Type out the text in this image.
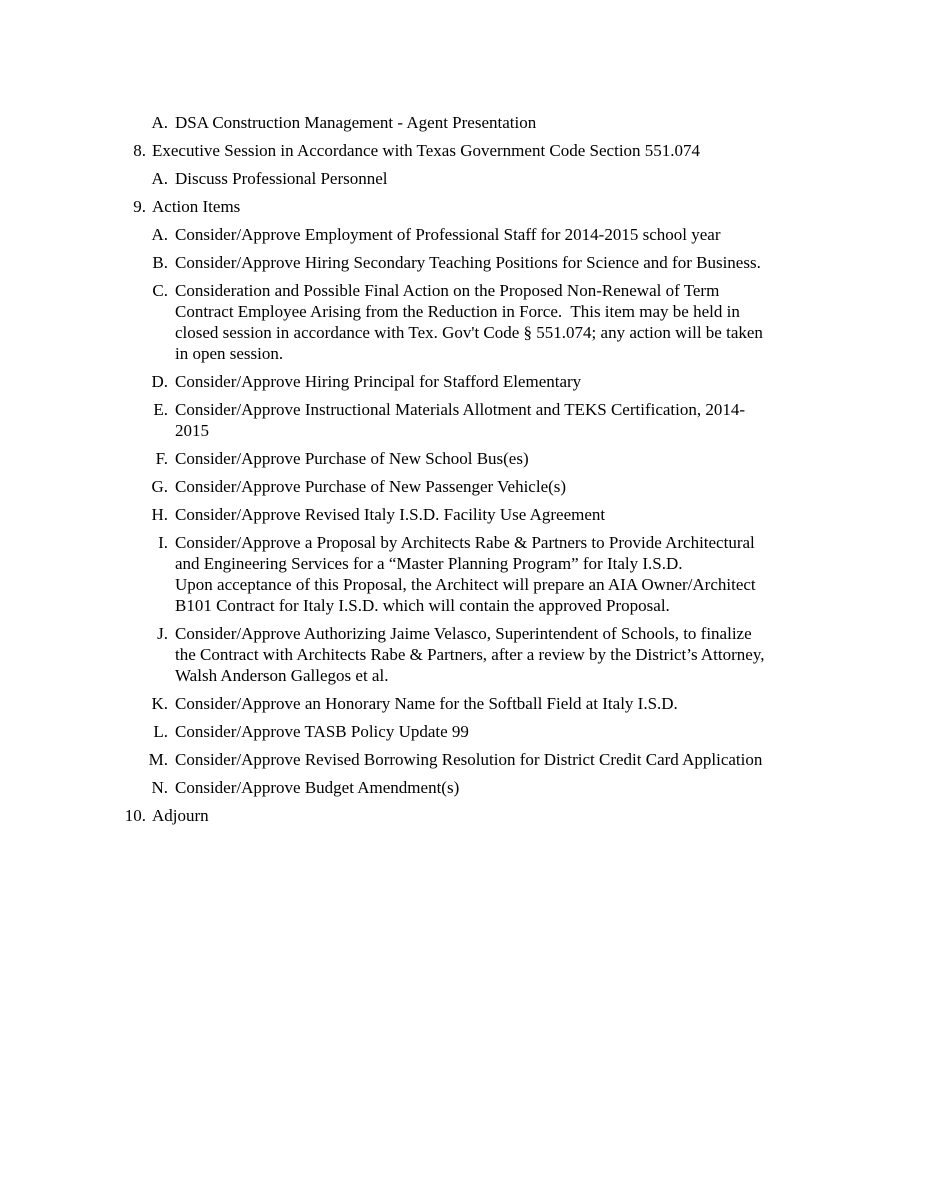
A. DSA Construction Management - Agent Presentation
8. Executive Session in Accordance with Texas Government Code Section 551.074
A. Discuss Professional Personnel
9. Action Items
A. Consider/Approve Employment of Professional Staff for 2014-2015 school year
B. Consider/Approve Hiring Secondary Teaching Positions for Science and for Business.
C. Consideration and Possible Final Action on the Proposed Non-Renewal of Term Contract Employee Arising from the Reduction in Force.  This item may be held in closed session in accordance with Tex. Gov't Code § 551.074; any action will be taken in open session.
D. Consider/Approve Hiring Principal for Stafford Elementary
E. Consider/Approve Instructional Materials Allotment and TEKS Certification, 2014-2015
F. Consider/Approve Purchase of New School Bus(es)
G. Consider/Approve Purchase of New Passenger Vehicle(s)
H. Consider/Approve Revised Italy I.S.D. Facility Use Agreement
I. Consider/Approve a Proposal by Architects Rabe & Partners to Provide Architectural and Engineering Services for a “Master Planning Program” for Italy I.S.D.
Upon acceptance of this Proposal, the Architect will prepare an AIA Owner/Architect B101 Contract for Italy I.S.D. which will contain the approved Proposal.
J. Consider/Approve Authorizing Jaime Velasco, Superintendent of Schools, to finalize the Contract with Architects Rabe & Partners, after a review by the District’s Attorney, Walsh Anderson Gallegos et al.
K. Consider/Approve an Honorary Name for the Softball Field at Italy I.S.D.
L. Consider/Approve TASB Policy Update 99
M. Consider/Approve Revised Borrowing Resolution for District Credit Card Application
N. Consider/Approve Budget Amendment(s)
10. Adjourn
